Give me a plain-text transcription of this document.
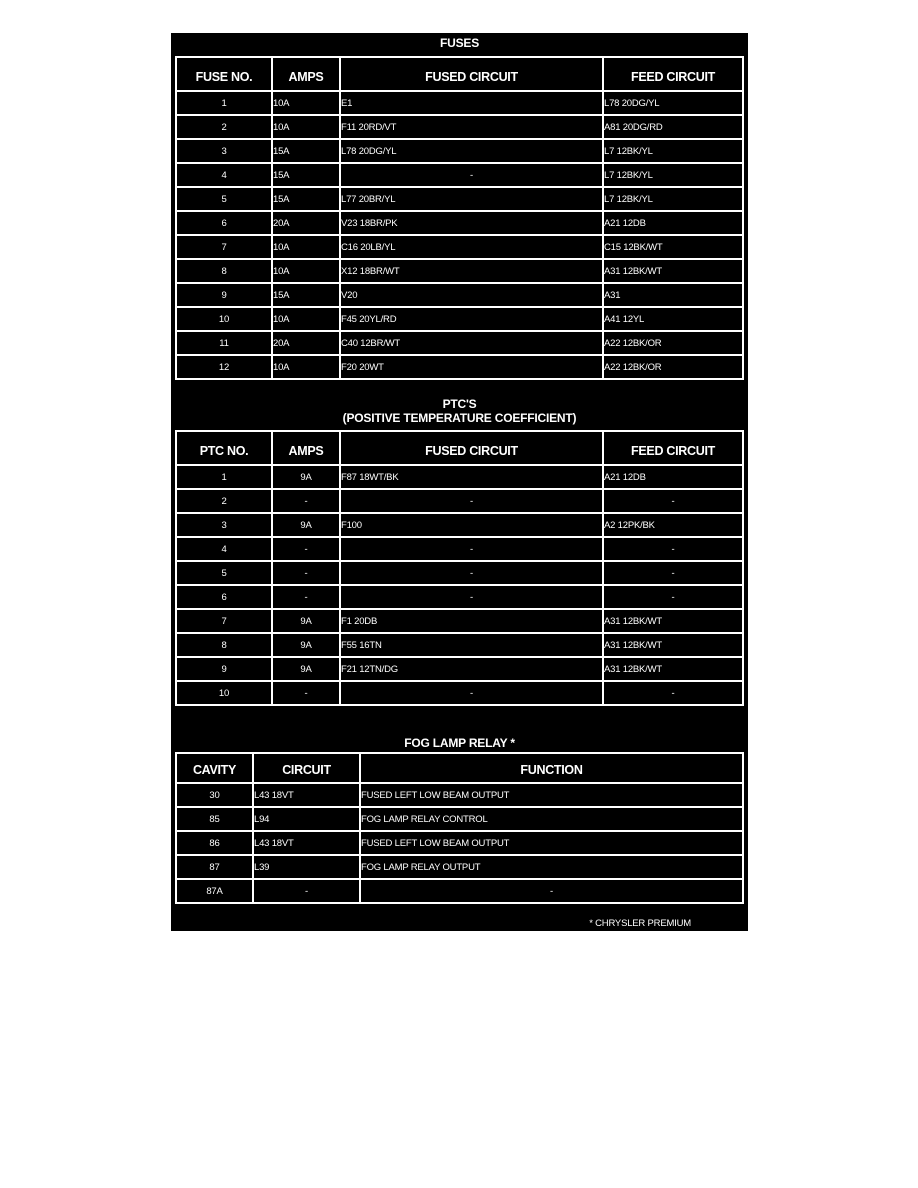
FUSES
FUSE NO.	AMPS	FUSED CIRCUIT	FEED CIRCUIT
1	10A	E1	L78 20DG/YL
2	10A	F11 20RD/VT	A81 20DG/RD
3	15A	L78 20DG/YL	L7 12BK/YL
4	15A	-	L7 12BK/YL
5	15A	L77 20BR/YL	L7 12BK/YL
6	20A	V23 18BR/PK	A21 12DB
7	10A	C16 20LB/YL	C15 12BK/WT
8	10A	X12 18BR/WT	A31 12BK/WT
9	15A	V20	A31
10	10A	F45 20YL/RD	A41 12YL
11	20A	C40 12BR/WT	A22 12BK/OR
12	10A	F20 20WT	A22 12BK/OR
PTC'S
(POSITIVE TEMPERATURE COEFFICIENT)
PTC NO.	AMPS	FUSED CIRCUIT	FEED CIRCUIT
1	9A	F87 18WT/BK	A21 12DB
2	-	-	-
3	9A	F100	A2 12PK/BK
4	-	-	-
5	-	-	-
6	-	-	-
7	9A	F1 20DB	A31 12BK/WT
8	9A	F55 16TN	A31 12BK/WT
9	9A	F21 12TN/DG	A31 12BK/WT
10	-	-	-
FOG LAMP RELAY *
CAVITY	CIRCUIT	FUNCTION
30	L43 18VT	FUSED LEFT LOW BEAM OUTPUT
85	L94	FOG LAMP RELAY CONTROL
86	L43 18VT	FUSED LEFT LOW BEAM OUTPUT
87	L39	FOG LAMP RELAY OUTPUT
87A	-	-
* CHRYSLER PREMIUM
